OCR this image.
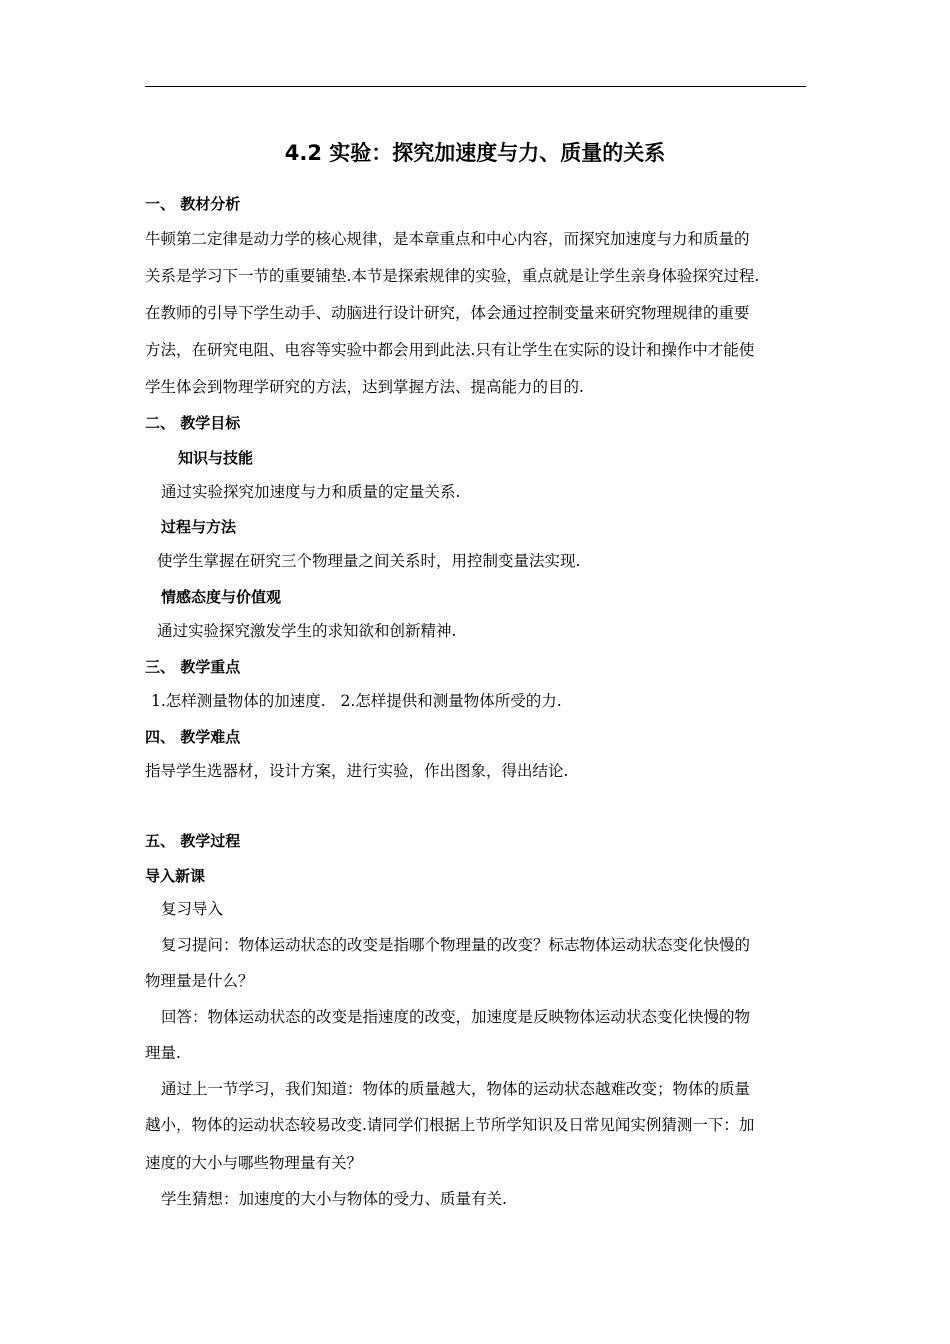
4.2 实验：探究加速度与力、质量的关系

一、 教材分析

牛顿第二定律是动力学的核心规律，是本章重点和中心内容，而探究加速度与力和质量的

关系是学习下一节的重要铺垫.本节是探索规律的实验，重点就是让学生亲身体验探究过程.

在教师的引导下学生动手、动脑进行设计研究，体会通过控制变量来研究物理规律的重要

方法，在研究电阻、电容等实验中都会用到此法.只有让学生在实际的设计和操作中才能使

学生体会到物理学研究的方法，达到掌握方法、提高能力的目的.

二、 教学目标

知识与技能

通过实验探究加速度与力和质量的定量关系.

过程与方法

使学生掌握在研究三个物理量之间关系时，用控制变量法实现.

情感态度与价值观

通过实验探究激发学生的求知欲和创新精神.

三、 教学重点

1.怎样测量物体的加速度.   2.怎样提供和测量物体所受的力.

四、 教学难点

指导学生选器材，设计方案，进行实验，作出图象，得出结论.

五、 教学过程

导入新课

复习导入

复习提问：物体运动状态的改变是指哪个物理量的改变？标志物体运动状态变化快慢的

物理量是什么？

回答：物体运动状态的改变是指速度的改变，加速度是反映物体运动状态变化快慢的物

理量.

通过上一节学习，我们知道：物体的质量越大，物体的运动状态越难改变；物体的质量

越小，物体的运动状态较易改变.请同学们根据上节所学知识及日常见闻实例猜测一下：加

速度的大小与哪些物理量有关？

学生猜想：加速度的大小与物体的受力、质量有关.
